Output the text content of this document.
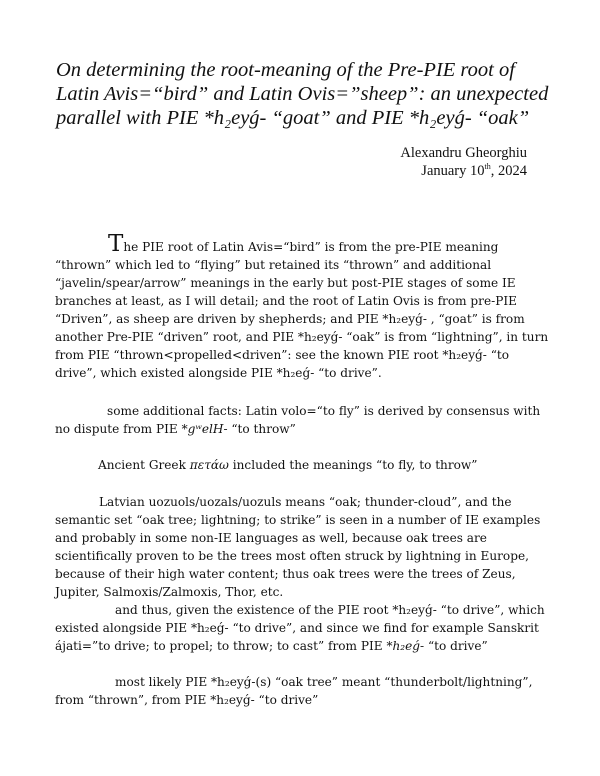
On determining the root-meaning of the Pre-PIE root of Latin Avis=“bird” and Latin Ovis=”sheep”: an unexpected parallel with PIE *h₂eyǵ- “goat” and PIE *h₂eyǵ- “oak”
Alexandru Gheorghiu
January 10th, 2024

The PIE root of Latin Avis=“bird” is from the pre-PIE meaning “thrown” which led to “flying” but retained its “thrown” and additional “javelin/spear/arrow” meanings in the early but post-PIE stages of some IE branches at least, as I will detail; and the root of Latin Ovis is from pre-PIE “Driven”, as sheep are driven by shepherds; and PIE *h₂eyǵ- , “goat” is from another Pre-PIE “driven” root, and PIE *h₂eyǵ- “oak” is from “lightning”, in turn from PIE “thrown<propelled<driven”: see the known PIE root *h₂eyǵ- “to drive”, which existed alongside PIE *h₂eǵ- “to drive”.

some additional facts: Latin volo=“to fly” is derived by consensus with no dispute from PIE *gʷelH- “to throw”

Ancient Greek πετάω included the meanings “to fly, to throw”

Latvian uozuols/uozals/uozuls means “oak; thunder-cloud”, and the semantic set “oak tree; lightning; to strike” is seen in a number of IE examples and probably in some non-IE languages as well, because oak trees are scientifically proven to be the trees most often struck by lightning in Europe, because of their high water content; thus oak trees were the trees of Zeus, Jupiter, Salmoxis/Zalmoxis, Thor, etc.

and thus, given the existence of the PIE root *h₂eyǵ- “to drive”, which existed alongside PIE *h₂eǵ- “to drive”, and since we find for example Sanskrit ájati=”to drive; to propel; to throw; to cast” from PIE *h₂eǵ- “to drive”

most likely PIE *h₂eyǵ-(s) “oak tree” meant “thunderbolt/lightning”, from “thrown”, from PIE *h₂eyǵ- “to drive”
